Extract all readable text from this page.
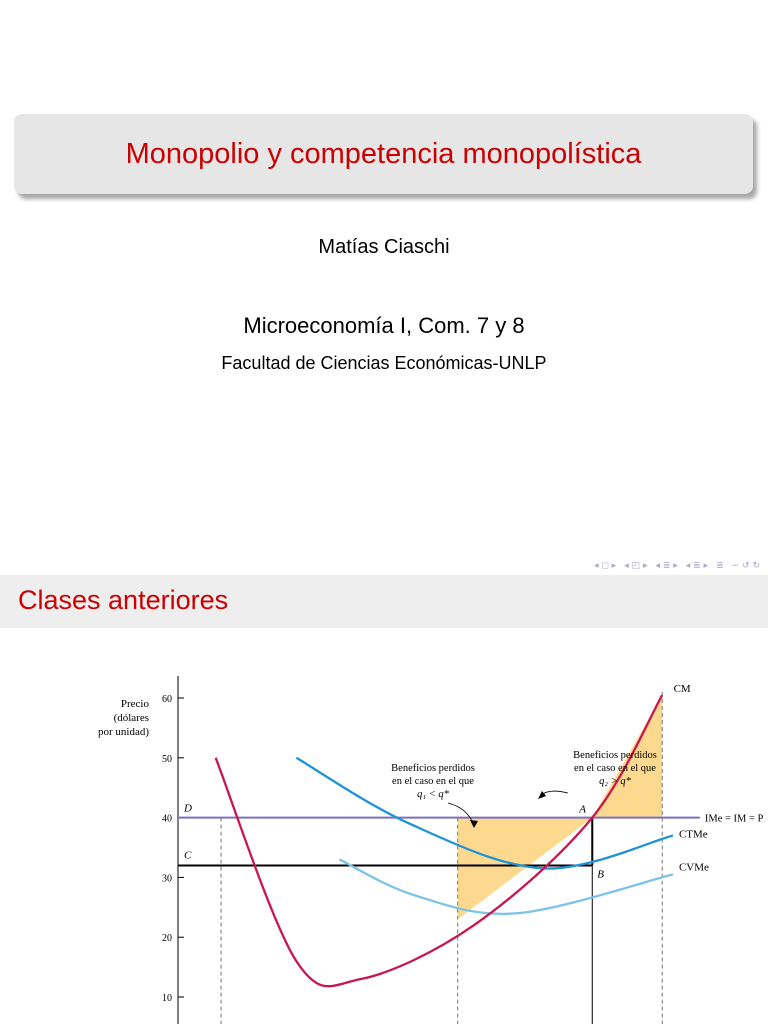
Monopolio y competencia monopolística
Matías Ciaschi
Microeconomía I, Com. 7 y 8
Facultad de Ciencias Económicas-UNLP
◂ ◻ ▸ ◂ ◰ ▸ ◂ ≣ ▸ ◂ ≣ ▸ ≣ ∽ ↺ ↻
Clases anteriores
10
20
30
40
50
60
Precio
(dólares
por unidad)
CM
CTMe
CVMe
IMe = IM = P
D
C
A
B
Beneficios perdidos
en el caso en el que
q₁ < q*
Beneficios perdidos
en el caso en el que
q₂ > q*
